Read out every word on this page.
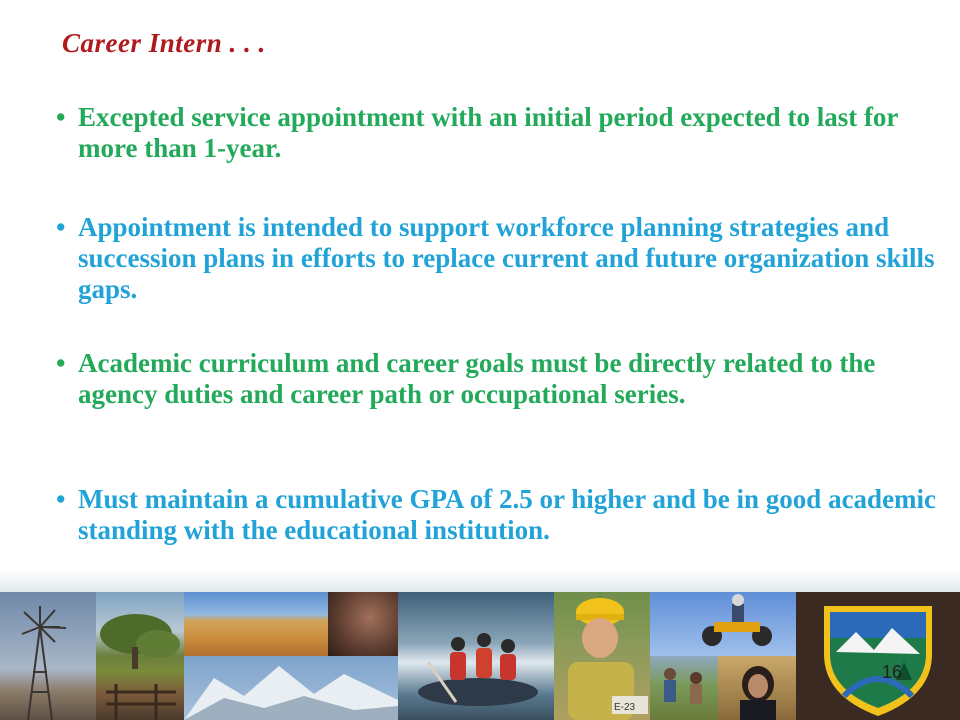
Career Intern . . .
• Excepted service appointment with an initial period expected to last for more than 1-year.
• Appointment is intended to support workforce planning strategies and succession plans in efforts to replace current and future organization skills gaps.
• Academic curriculum and career goals must be directly related to the agency duties and career path or occupational series.
• Must maintain a cumulative GPA of 2.5 or higher and be in good academic standing with the educational institution.
E-23
16
